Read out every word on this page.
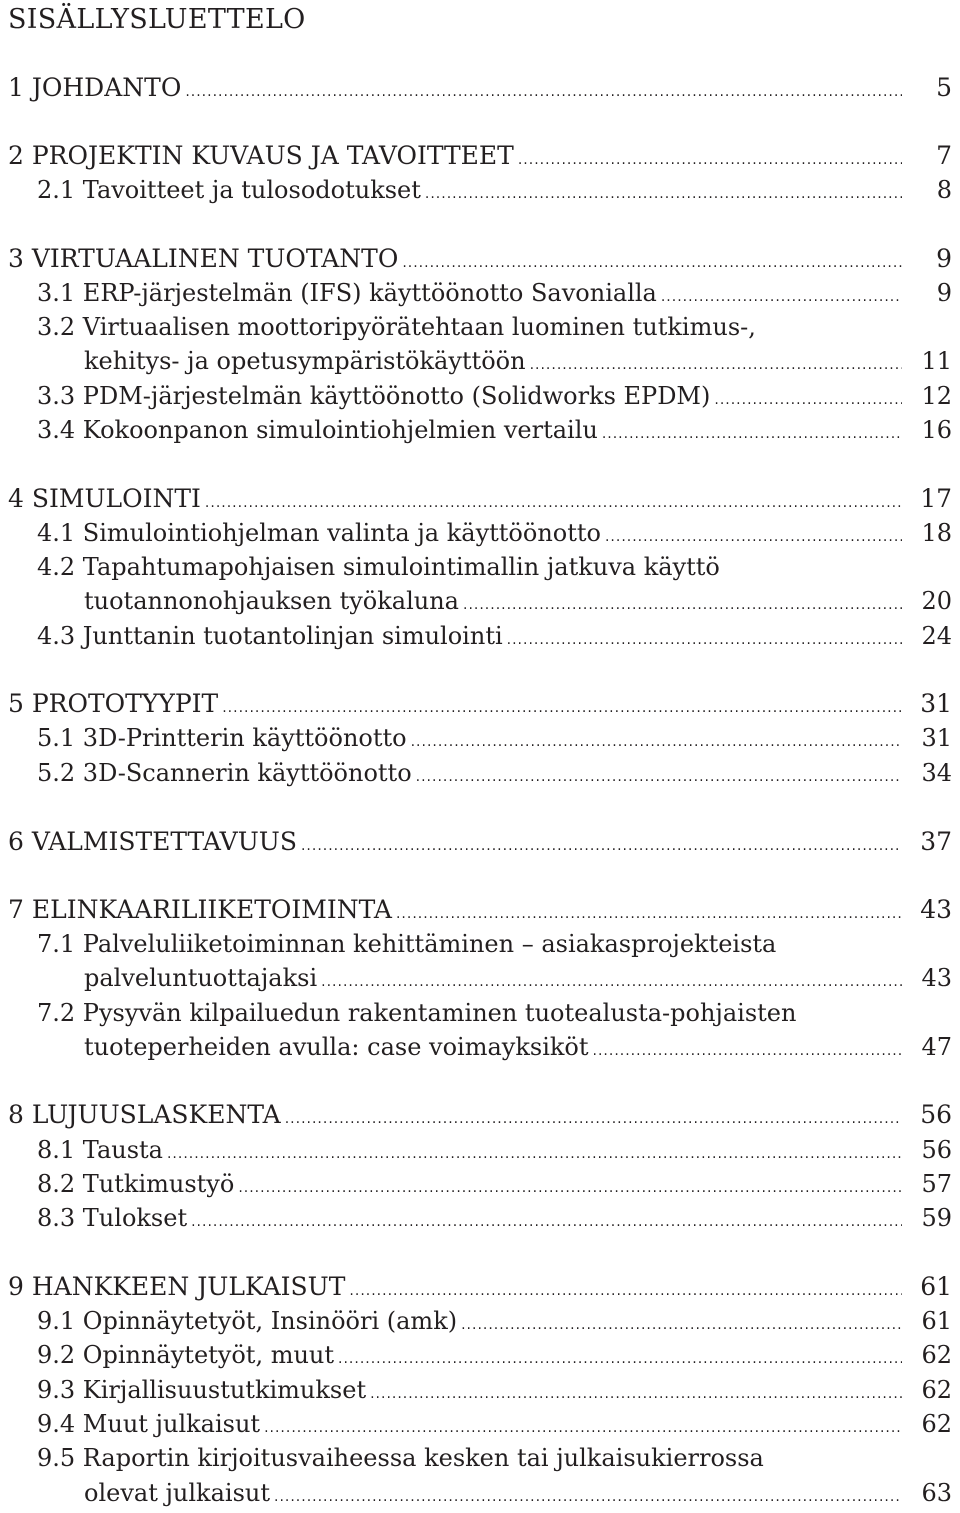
SISÄLLYSLUETTELO
1 JOHDANTO .....	5
2 PROJEKTIN KUVAUS JA TAVOITTEET .....	7
2.1 Tavoitteet ja tulosodotukset .....	8
3 VIRTUAALINEN TUOTANTO .....	9
3.1 ERP-järjestelmän (IFS) käyttöönotto Savonialla .....	9
3.2 Virtuaalisen moottoripyörätehtaan luominen tutkimus-,
kehitys- ja opetusympäristökäyttöön .....	11
3.3 PDM-järjestelmän käyttöönotto (Solidworks EPDM) .....	12
3.4 Kokoonpanon simulointiohjelmien vertailu .....	16
4 SIMULOINTI .....	17
4.1 Simulointiohjelman valinta ja käyttöönotto .....	18
4.2 Tapahtumapohjaisen simulointimallin jatkuva käyttö
tuotannonohjauksen työkaluna .....	20
4.3 Junttanin tuotantolinjan simulointi .....	24
5 PROTOTYYPIT .....	31
5.1 3D-Printterin käyttöönotto .....	31
5.2 3D-Scannerin käyttöönotto .....	34
6 VALMISTETTAVUUS .....	37
7 ELINKAARILIIKETOIMINTA .....	43
7.1 Palveluliiketoiminnan kehittäminen – asiakasprojekteista
palveluntuottajaksi .....	43
7.2 Pysyvän kilpailuedun rakentaminen tuotealusta-pohjaisten
tuoteperheiden avulla: case voimayksiköt .....	47
8 LUJUUSLASKENTA .....	56
8.1 Tausta .....	56
8.2 Tutkimustyö .....	57
8.3 Tulokset .....	59
9 HANKKEEN JULKAISUT .....	61
9.1 Opinnäytetyöt, Insinööri (amk) .....	61
9.2 Opinnäytetyöt, muut .....	62
9.3 Kirjallisuustutkimukset .....	62
9.4 Muut julkaisut .....	62
9.5 Raportin kirjoitusvaiheessa kesken tai julkaisukierrossa
olevat julkaisut .....	63
